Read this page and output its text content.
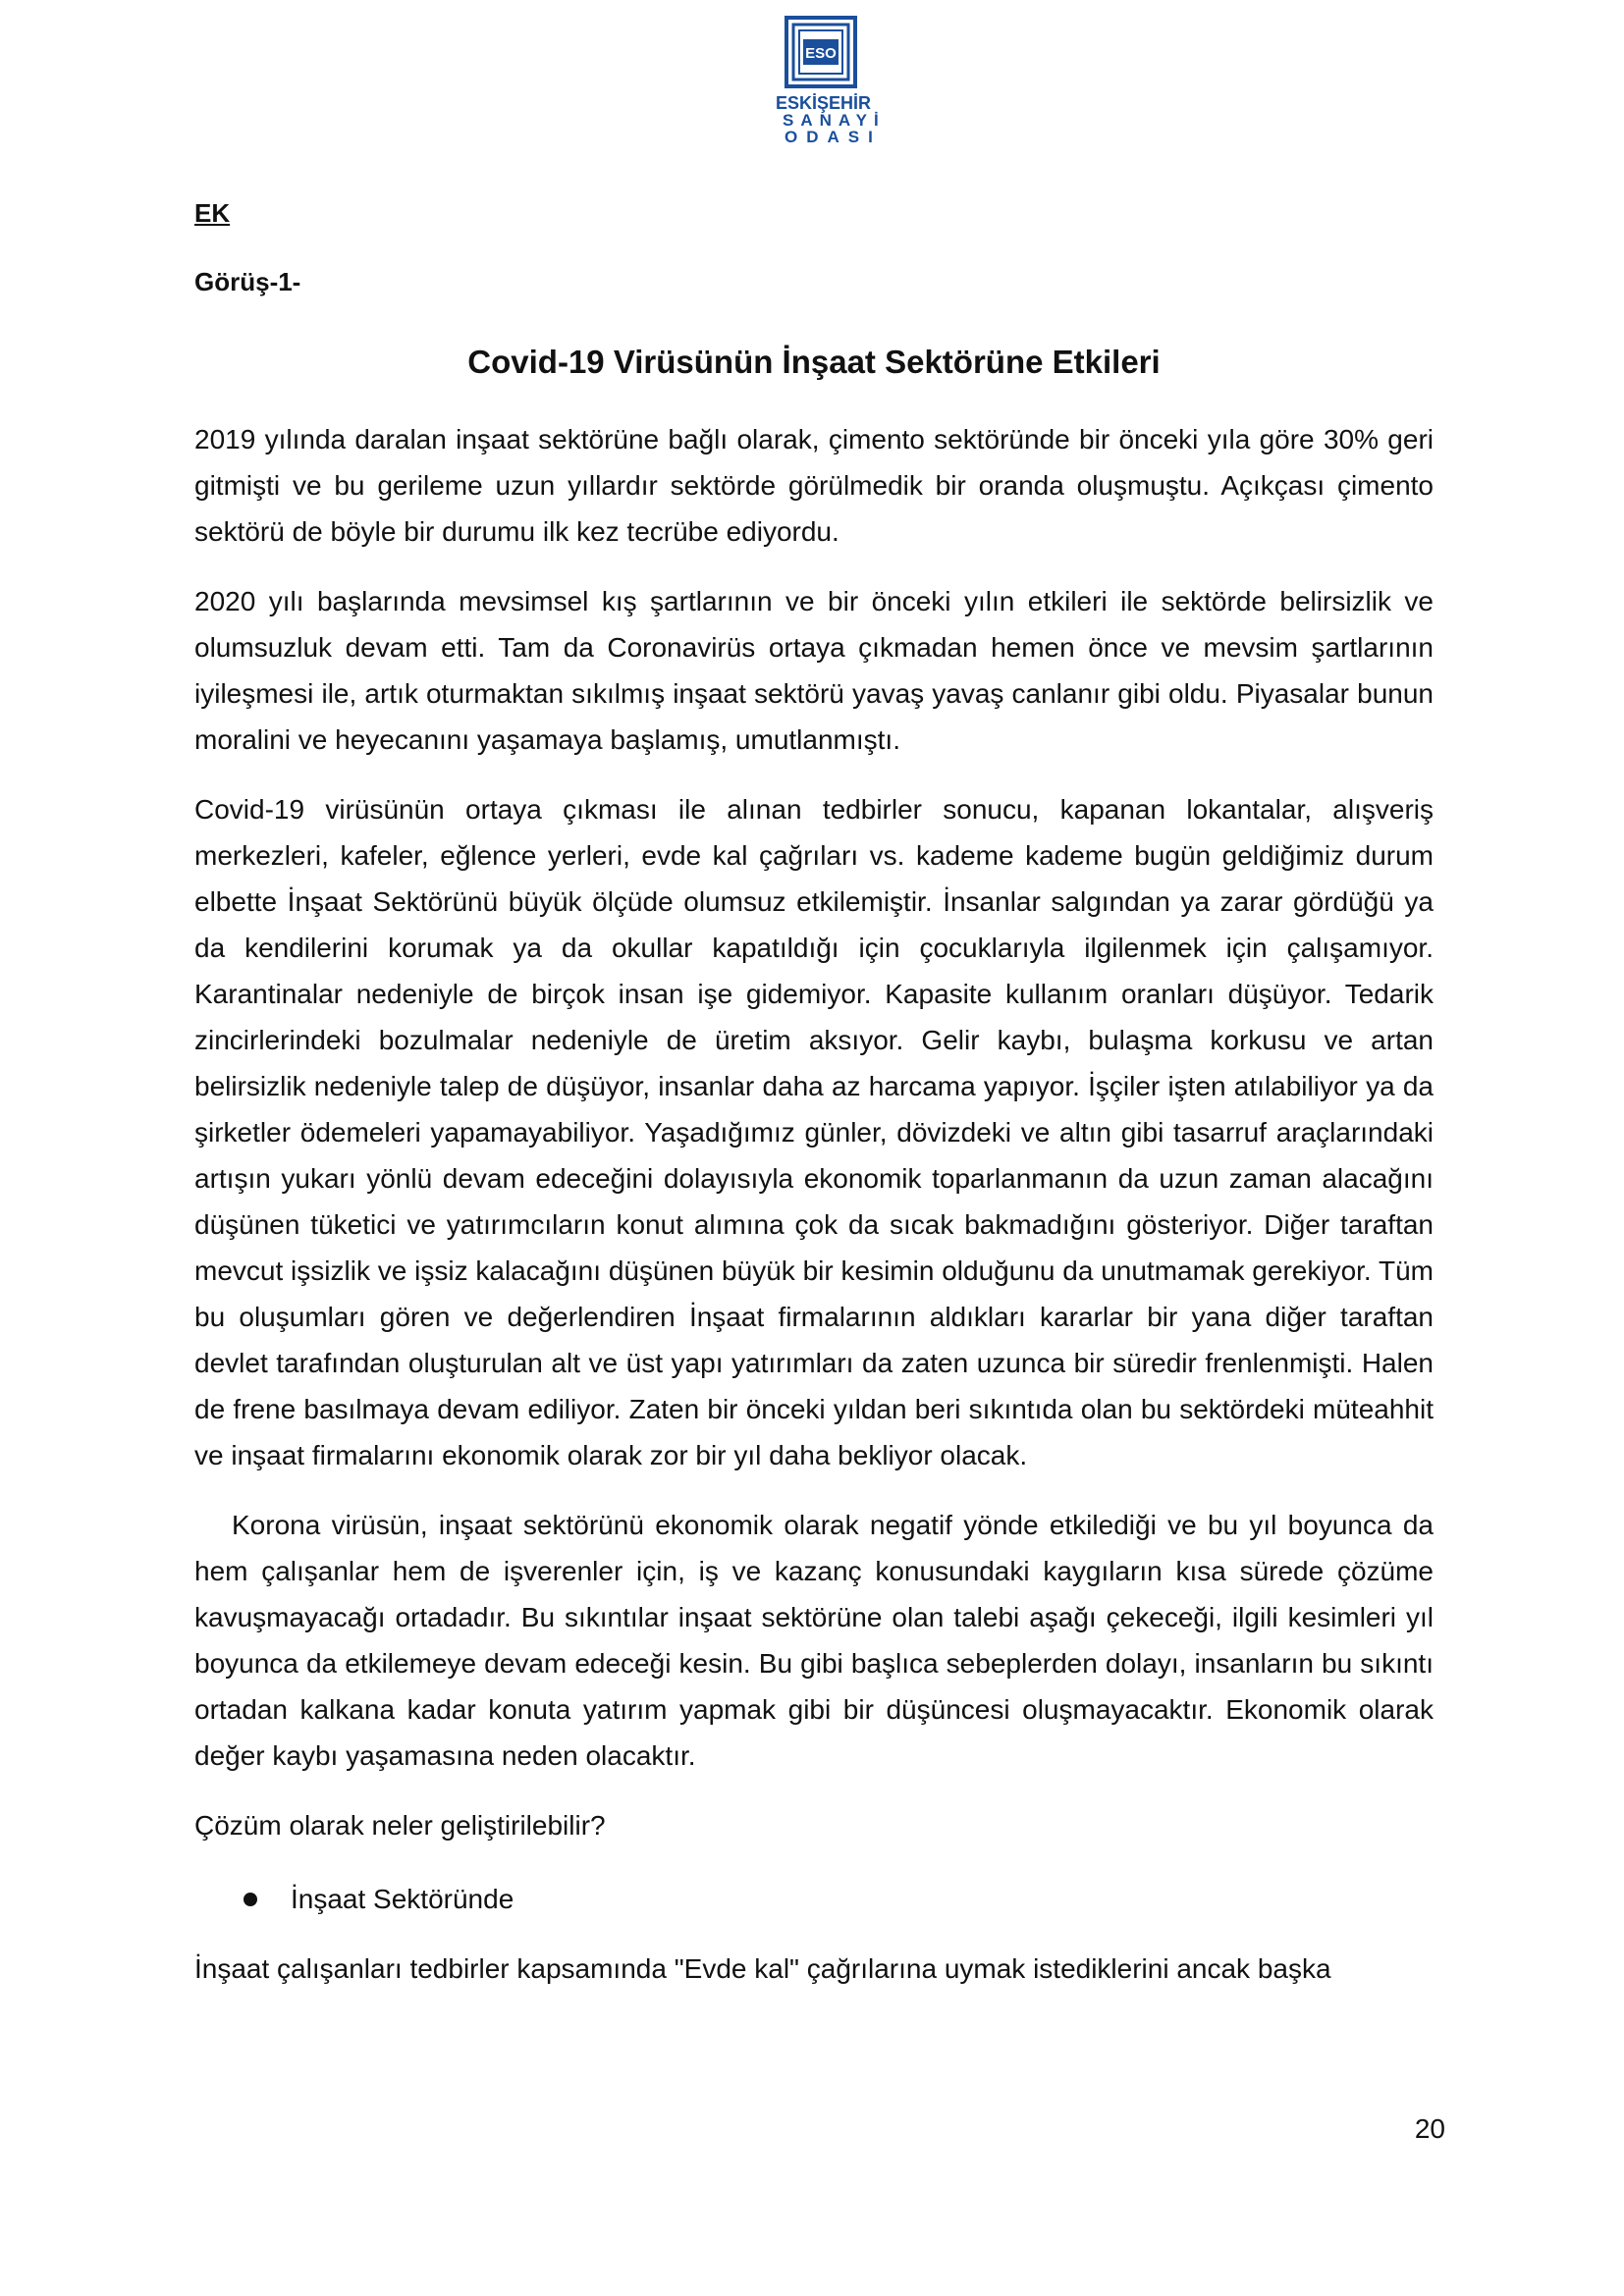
ESO

ESKİŞEHİR

SANAYİ

ODASI

EK

Görüş-1-

Covid-19 Virüsünün İnşaat Sektörüne Etkileri

2019 yılında daralan inşaat sektörüne bağlı olarak, çimento sektöründe bir önceki yıla göre 30% geri gitmişti ve bu gerileme uzun yıllardır sektörde görülmedik bir oranda oluşmuştu. Açıkçası çimento sektörü de böyle bir durumu ilk kez tecrübe ediyordu.

2020 yılı başlarında mevsimsel kış şartlarının ve bir önceki yılın etkileri ile sektörde belirsizlik ve olumsuzluk devam etti. Tam da Coronavirüs ortaya çıkmadan hemen önce ve mevsim şartlarının iyileşmesi ile, artık oturmaktan sıkılmış inşaat sektörü yavaş yavaş canlanır gibi oldu. Piyasalar bunun moralini ve heyecanını yaşamaya başlamış, umutlanmıştı.

Covid-19 virüsünün ortaya çıkması ile alınan tedbirler sonucu, kapanan lokantalar, alışveriş merkezleri, kafeler, eğlence yerleri, evde kal çağrıları vs. kademe kademe bugün geldiğimiz durum elbette İnşaat Sektörünü büyük ölçüde olumsuz etkilemiştir. İnsanlar salgından ya zarar gördüğü ya da kendilerini korumak ya da okullar kapatıldığı için çocuklarıyla ilgilenmek için çalışamıyor. Karantinalar nedeniyle de birçok insan işe gidemiyor. Kapasite kullanım oranları düşüyor. Tedarik zincirlerindeki bozulmalar nedeniyle de üretim aksıyor. Gelir kaybı, bulaşma korkusu ve artan belirsizlik nedeniyle talep de düşüyor, insanlar daha az harcama yapıyor. İşçiler işten atılabiliyor ya da şirketler ödemeleri yapamayabiliyor. Yaşadığımız günler, dövizdeki ve altın gibi tasarruf araçlarındaki artışın yukarı yönlü devam edeceğini dolayısıyla ekonomik toparlanmanın da uzun zaman alacağını düşünen tüketici ve yatırımcıların konut alımına çok da sıcak bakmadığını gösteriyor. Diğer taraftan mevcut işsizlik ve işsiz kalacağını düşünen büyük bir kesimin olduğunu da unutmamak gerekiyor. Tüm bu oluşumları gören ve değerlendiren İnşaat firmalarının aldıkları kararlar bir yana diğer taraftan devlet tarafından oluşturulan alt ve üst yapı yatırımları da zaten uzunca bir süredir frenlenmişti. Halen de frene basılmaya devam ediliyor. Zaten bir önceki yıldan beri sıkıntıda olan bu sektördeki müteahhit ve inşaat firmalarını ekonomik olarak zor bir yıl daha bekliyor olacak.

Korona virüsün, inşaat sektörünü ekonomik olarak negatif yönde etkilediği ve bu yıl boyunca da hem çalışanlar hem de işverenler için, iş ve kazanç konusundaki kaygıların kısa sürede çözüme kavuşmayacağı ortadadır. Bu sıkıntılar inşaat sektörüne olan talebi aşağı çekeceği, ilgili kesimleri yıl boyunca da etkilemeye devam edeceği kesin. Bu gibi başlıca sebeplerden dolayı, insanların bu sıkıntı ortadan kalkana kadar konuta yatırım yapmak gibi bir düşüncesi oluşmayacaktır. Ekonomik olarak değer kaybı yaşamasına neden olacaktır.

Çözüm olarak neler geliştirilebilir?

İnşaat Sektöründe

İnşaat çalışanları tedbirler kapsamında "Evde kal" çağrılarına uymak istediklerini ancak başka

20
